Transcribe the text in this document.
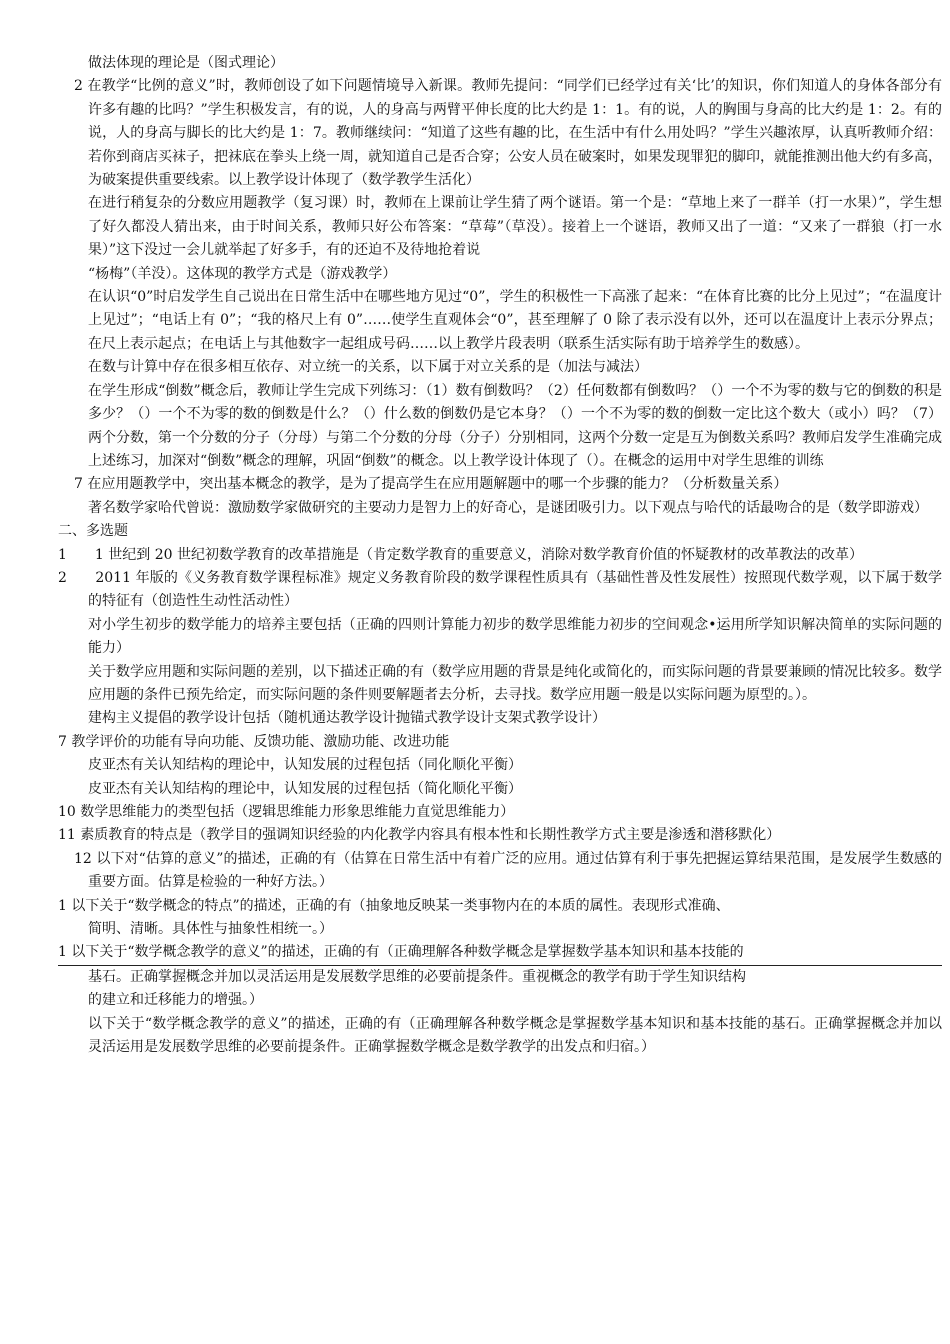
做法体现的理论是（图式理论）

2 在教学“比例的意义”时，教师创设了如下问题情境导入新课。教师先提问：“同学们已经学过有关‘比’的知识，你们知道人的身体各部分有许多有趣的比吗？”学生积极发言，有的说，人的身高与两臂平伸长度的比大约是 1：1。有的说，人的胸围与身高的比大约是 1：2。有的说，人的身高与脚长的比大约是 1：7。教师继续问：“知道了这些有趣的比，在生活中有什么用处吗？”学生兴趣浓厚，认真听教师介绍：若你到商店买袜子，把袜底在拳头上绕一周，就知道自己是否合穿；公安人员在破案时，如果发现罪犯的脚印，就能推测出他大约有多高，为破案提供重要线索。以上教学设计体现了（数学教学生活化）

在进行稍复杂的分数应用题教学（复习课）时，教师在上课前让学生猜了两个谜语。第一个是：“草地上来了一群羊（打一水果）”，学生想了好久都没人猜出来，由于时间关系，教师只好公布答案：“草莓”（草没）。接着上一个谜语，教师又出了一道：“又来了一群狼（打一水果）”这下没过一会儿就举起了好多手，有的还迫不及待地抢着说

“杨梅”（羊没）。这体现的教学方式是（游戏教学）

在认识“0”时启发学生自己说出在日常生活中在哪些地方见过“0”，学生的积极性一下高涨了起来：“在体育比赛的比分上见过”；“在温度计上见过”；“电话上有 0”；“我的格尺上有 0”……使学生直观体会“0”，甚至理解了 0 除了表示没有以外，还可以在温度计上表示分界点；在尺上表示起点；在电话上与其他数字一起组成号码……以上教学片段表明（联系生活实际有助于培养学生的数感）。

在数与计算中存在很多相互依存、对立统一的关系，以下属于对立关系的是（加法与减法）

在学生形成“倒数”概念后，教师让学生完成下列练习：（1）数有倒数吗？（2）任何数都有倒数吗？（）一个不为零的数与它的倒数的积是多少？（）一个不为零的数的倒数是什么？（）什么数的倒数仍是它本身？（）一个不为零的数的倒数一定比这个数大（或小）吗？（7）两个分数，第一个分数的分子（分母）与第二个分数的分母（分子）分别相同，这两个分数一定是互为倒数关系吗？教师启发学生准确完成上述练习，加深对“倒数”概念的理解，巩固“倒数”的概念。以上教学设计体现了（）。在概念的运用中对学生思维的训练

7 在应用题教学中，突出基本概念的教学，是为了提高学生在应用题解题中的哪一个步骤的能力？（分析数量关系）

著名数学家哈代曾说：激励数学家做研究的主要动力是智力上的好奇心，是谜团吸引力。以下观点与哈代的话最吻合的是（数学即游戏）

二、多选题

1　　1 世纪到 20 世纪初数学教育的改革措施是（肯定数学教育的重要意义，消除对数学教育价值的怀疑教材的改革教法的改革）

2　　2011 年版的《义务教育数学课程标准》规定义务教育阶段的数学课程性质具有（基础性普及性发展性）按照现代数学观，以下属于数学的特征有（创造性生动性活动性）

对小学生初步的数学能力的培养主要包括（正确的四则计算能力初步的数学思维能力初步的空间观念•运用所学知识解决简单的实际问题的能力）

关于数学应用题和实际问题的差别，以下描述正确的有（数学应用题的背景是纯化或简化的，而实际问题的背景要兼顾的情况比较多。数学应用题的条件已预先给定，而实际问题的条件则要解题者去分析，去寻找。数学应用题一般是以实际问题为原型的。）。

建构主义提倡的教学设计包括（随机通达教学设计抛锚式教学设计支架式教学设计）

7 教学评价的功能有导向功能、反馈功能、激励功能、改进功能

皮亚杰有关认知结构的理论中，认知发展的过程包括（同化顺化平衡）

皮亚杰有关认知结构的理论中，认知发展的过程包括（简化顺化平衡）

10 数学思维能力的类型包括（逻辑思维能力形象思维能力直觉思维能力）

11 素质教育的特点是（教学目的强调知识经验的内化教学内容具有根本性和长期性教学方式主要是渗透和潜移默化）

12 以下对“估算的意义”的描述，正确的有（估算在日常生活中有着广泛的应用。通过估算有利于事先把握运算结果范围，是发展学生数感的重要方面。估算是检验的一种好方法。）

1 以下关于“数学概念的特点”的描述，正确的有（抽象地反映某一类事物内在的本质的属性。表现形式准确、

简明、清晰。具体性与抽象性相统一。）

1 以下关于“数学概念教学的意义”的描述，正确的有（正确理解各种数学概念是掌握数学基本知识和基本技能的

基石。正确掌握概念并加以灵活运用是发展数学思维的必要前提条件。重视概念的教学有助于学生知识结构

的建立和迁移能力的增强。）

以下关于“数学概念教学的意义”的描述，正确的有（正确理解各种数学概念是掌握数学基本知识和基本技能的基石。正确掌握概念并加以灵活运用是发展数学思维的必要前提条件。正确掌握数学概念是数学教学的出发点和归宿。）
